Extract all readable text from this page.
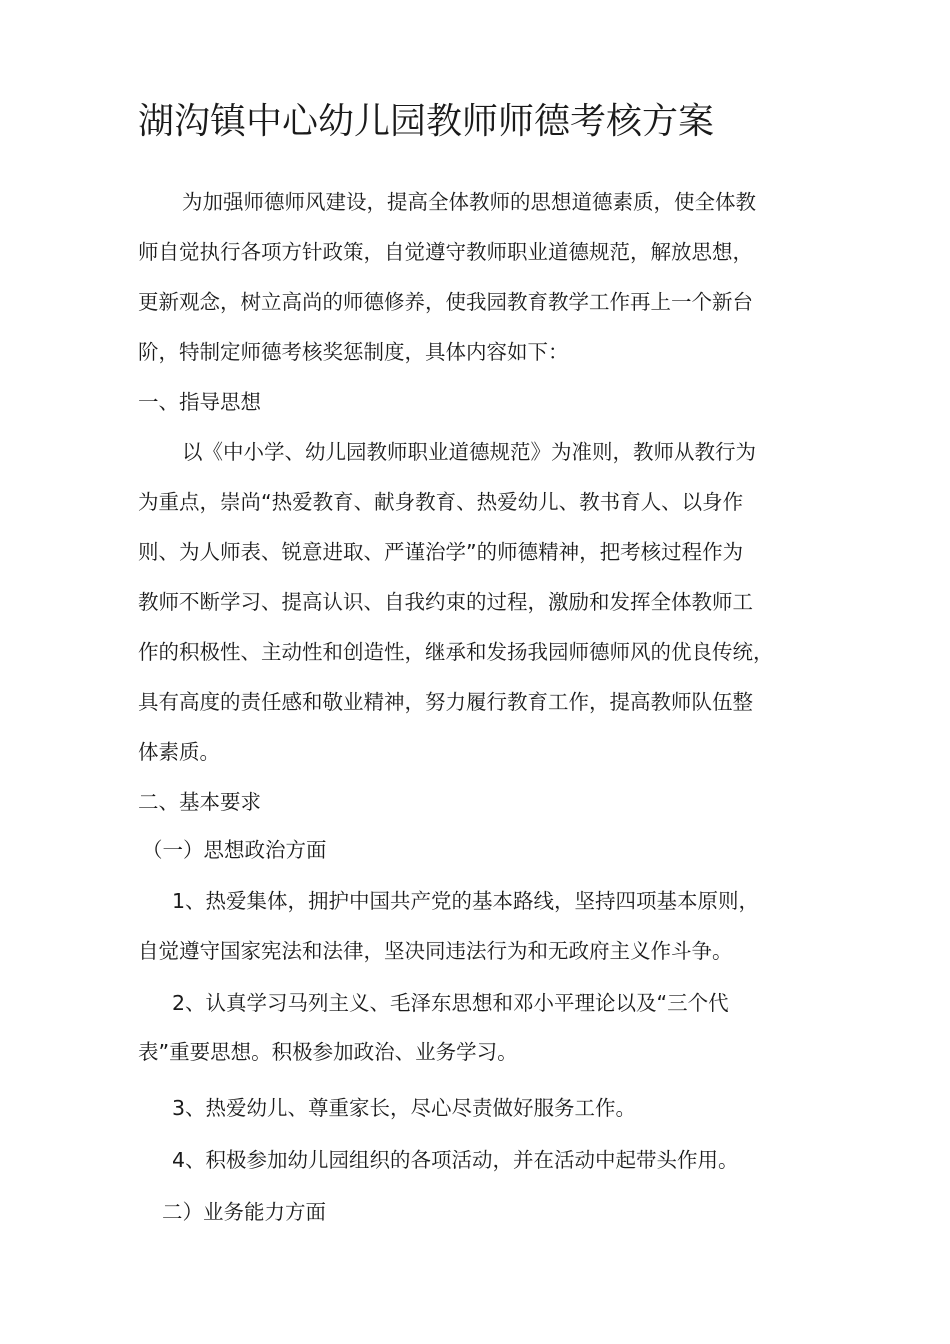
湖沟镇中心幼儿园教师师德考核方案
为加强师德师风建设，提高全体教师的思想道德素质，使全体教
师自觉执行各项方针政策，自觉遵守教师职业道德规范，解放思想，
更新观念，树立高尚的师德修养，使我园教育教学工作再上一个新台
阶，特制定师德考核奖惩制度，具体内容如下：
一、指导思想
以《中小学、幼儿园教师职业道德规范》为准则，教师从教行为
为重点，崇尚“热爱教育、献身教育、热爱幼儿、教书育人、以身作
则、为人师表、锐意进取、严谨治学”的师德精神，把考核过程作为
教师不断学习、提高认识、自我约束的过程，激励和发挥全体教师工
作的积极性、主动性和创造性，继承和发扬我园师德师风的优良传统，
具有高度的责任感和敬业精神，努力履行教育工作，提高教师队伍整
体素质。
二、基本要求
（一）思想政治方面
1、热爱集体，拥护中国共产党的基本路线，坚持四项基本原则，
自觉遵守国家宪法和法律，坚决同违法行为和无政府主义作斗争。
2、认真学习马列主义、毛泽东思想和邓小平理论以及“三个代
表”重要思想。积极参加政治、业务学习。
3、热爱幼儿、尊重家长，尽心尽责做好服务工作。
4、积极参加幼儿园组织的各项活动，并在活动中起带头作用。
二）业务能力方面
